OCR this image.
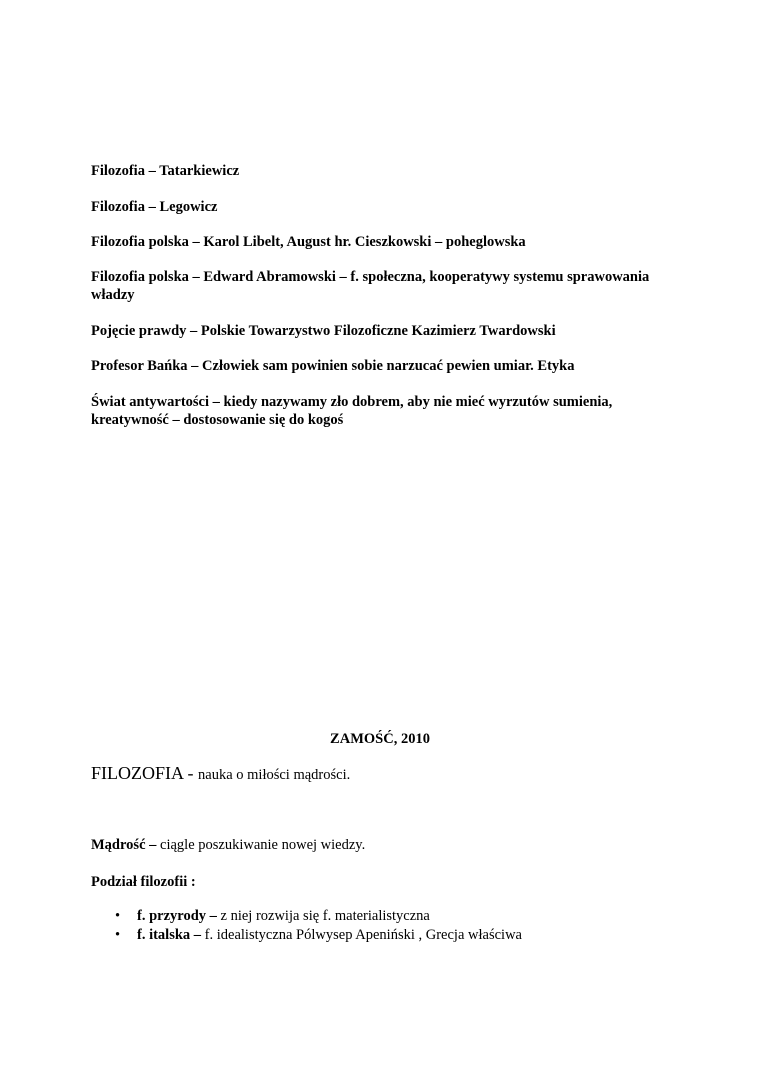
Filozofia – Tatarkiewicz

Filozofia – Legowicz

Filozofia polska – Karol Libelt, August hr. Cieszkowski – poheglowska

Filozofia polska – Edward Abramowski – f. społeczna, kooperatywy systemu sprawowania władzy

Pojęcie prawdy – Polskie Towarzystwo Filozoficzne Kazimierz Twardowski

Profesor Bańka – Człowiek sam powinien sobie narzucać pewien umiar. Etyka

Świat antywartości – kiedy nazywamy zło dobrem, aby nie mieć wyrzutów sumienia, kreatywność – dostosowanie się do kogoś

ZAMOŚĆ, 2010
FILOZOFIA - nauka o miłości mądrości.
Mądrość – ciągle poszukiwanie nowej wiedzy.
Podział filozofii :
• f. przyrody – z niej rozwija się f. materialistyczna
• f. italska – f. idealistyczna Pólwysep Apeniński , Grecja właściwa
